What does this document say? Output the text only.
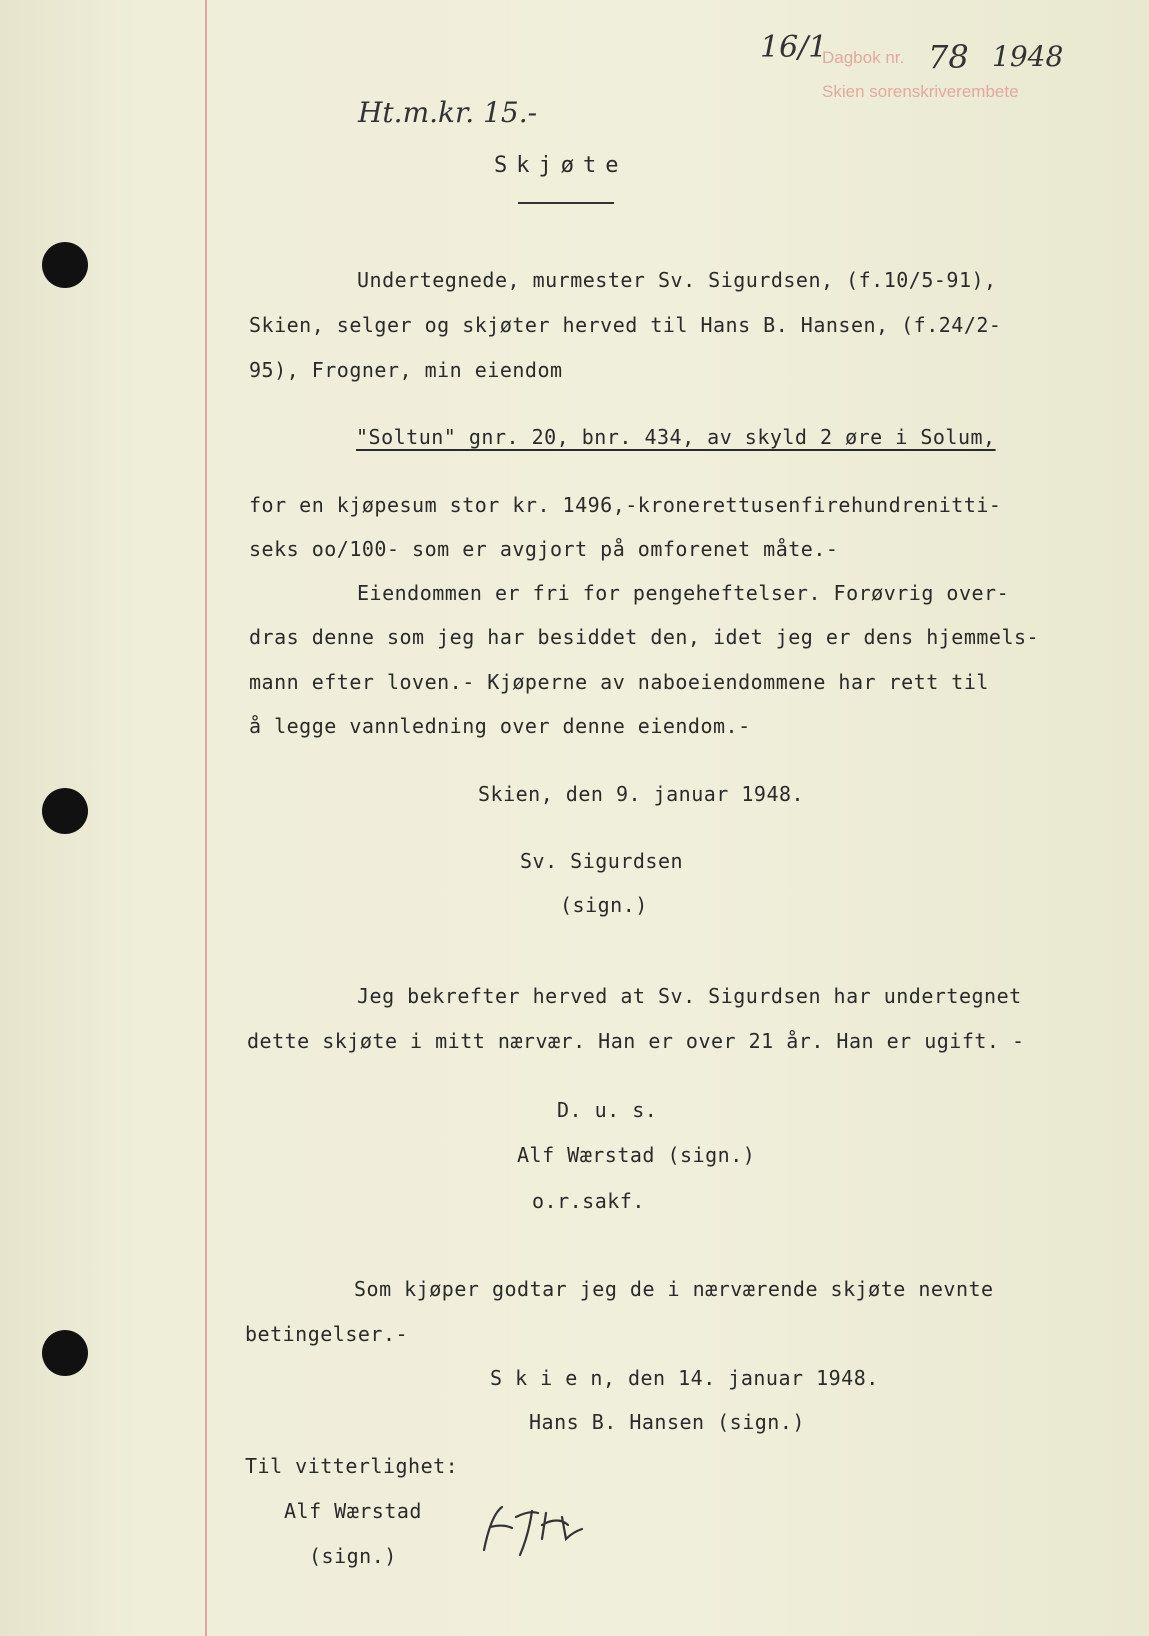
16/1
Dagbok nr. 78 1948
Skien sorenskriverembete
Ht.m.kr. 15.-
Skjøte
Undertegnede, murmester Sv. Sigurdsen, (f.10/5-91),
Skien, selger og skjøter herved til Hans B. Hansen, (f.24/2-
95), Frogner, min eiendom
"Soltun" gnr. 20, bnr. 434, av skyld 2 øre i Solum,
for en kjøpesum stor kr. 1496,-kronerettusenfirehundrenitti-
seks oo/100- som er avgjort på omforenet måte.-
Eiendommen er fri for pengeheftelser. Forøvrig over-
dras denne som jeg har besiddet den, idet jeg er dens hjemmels-
mann efter loven.- Kjøperne av naboeiendommene har rett til
å legge vannledning over denne eiendom.-
Skien, den 9. januar 1948.
Sv. Sigurdsen
(sign.)
Jeg bekrefter herved at Sv. Sigurdsen har undertegnet
dette skjøte i mitt nærvær. Han er over 21 år. Han er ugift. -
D. u. s.
Alf Wærstad (sign.)
o.r.sakf.
Som kjøper godtar jeg de i nærværende skjøte nevnte
betingelser.-
S k i e n, den 14. januar 1948.
Hans B. Hansen (sign.)
Til vitterlighet:
Alf Wærstad
(sign.)
